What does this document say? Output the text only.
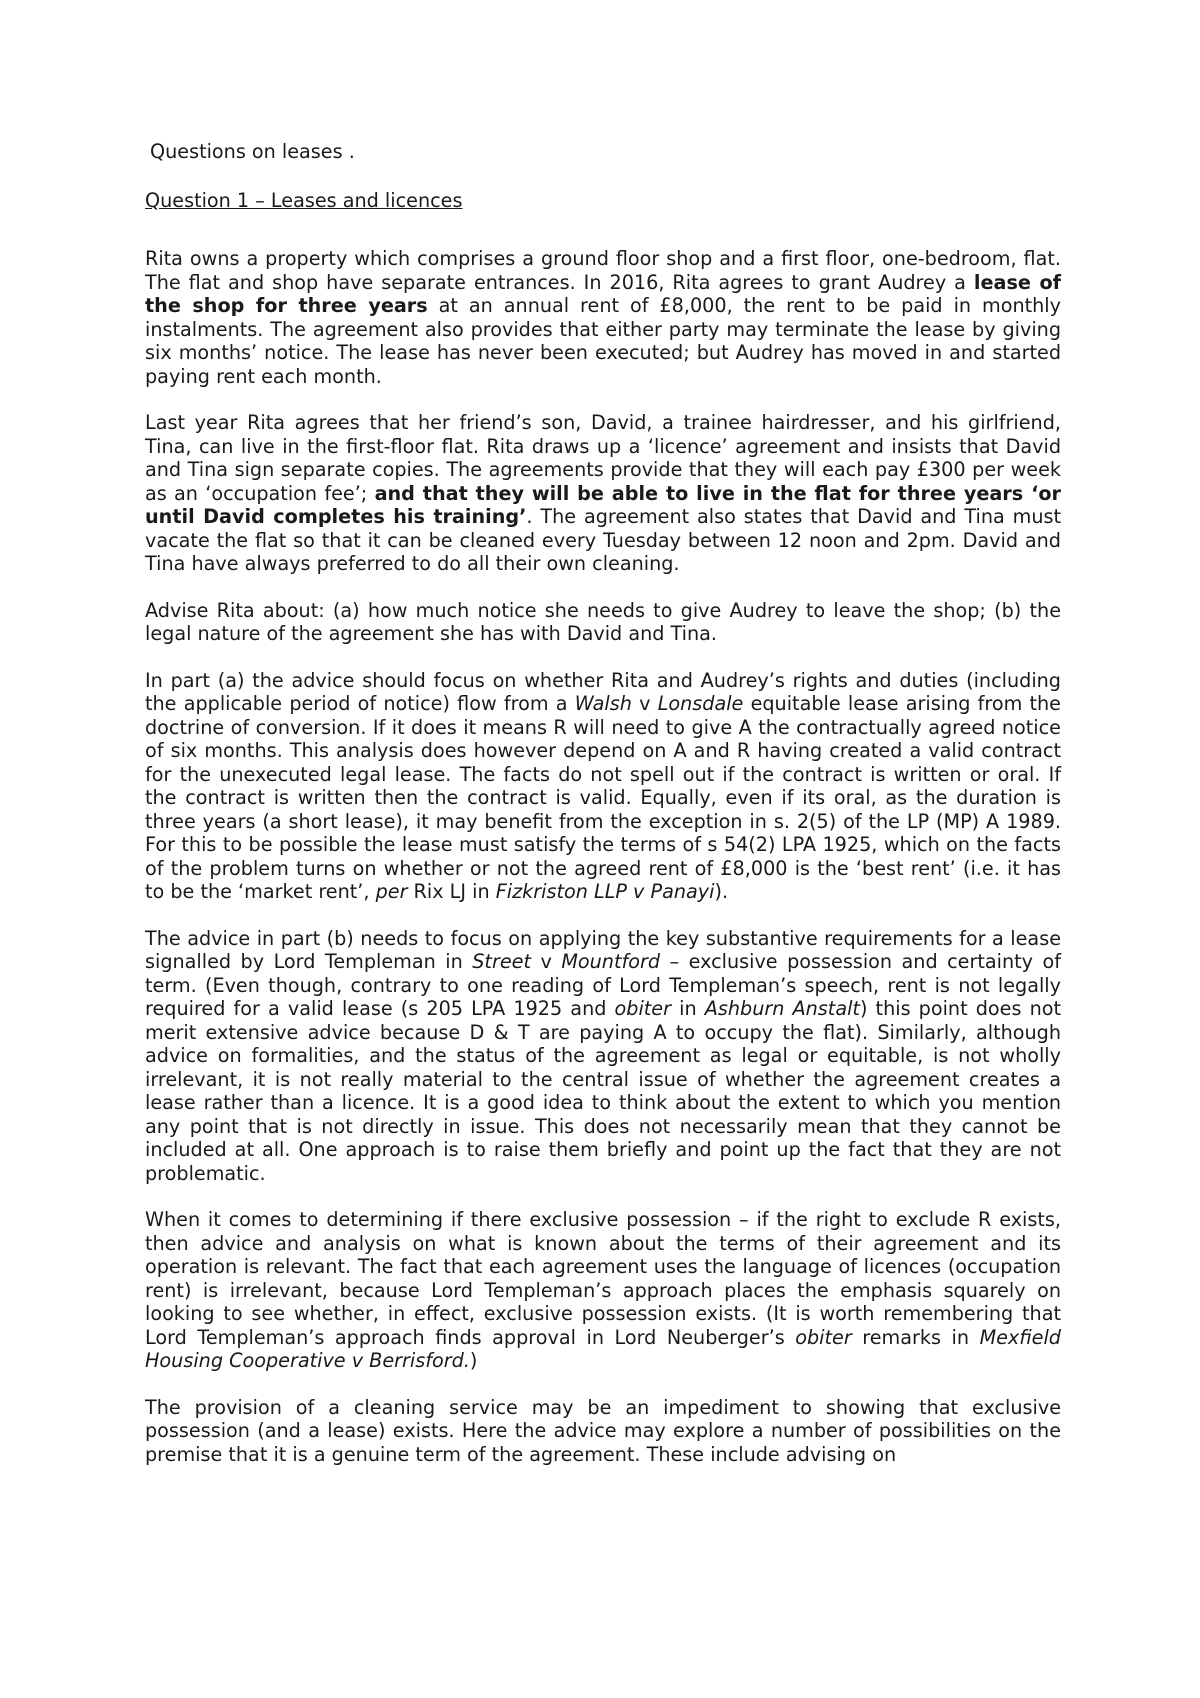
Questions on leases .

Question 1 – Leases and licences

Rita owns a property which comprises a ground floor shop and a first floor, one-bedroom, flat. The flat and shop have separate entrances. In 2016, Rita agrees to grant Audrey a lease of the shop for three years at an annual rent of £8,000, the rent to be paid in monthly instalments. The agreement also provides that either party may terminate the lease by giving six months’ notice. The lease has never been executed; but Audrey has moved in and started paying rent each month.

Last year Rita agrees that her friend’s son, David, a trainee hairdresser, and his girlfriend, Tina, can live in the first-floor flat. Rita draws up a ‘licence’ agreement and insists that David and Tina sign separate copies. The agreements provide that they will each pay £300 per week as an ‘occupation fee’; and that they will be able to live in the flat for three years ‘or until David completes his training’. The agreement also states that David and Tina must vacate the flat so that it can be cleaned every Tuesday between 12 noon and 2pm. David and Tina have always preferred to do all their own cleaning.

Advise Rita about: (a) how much notice she needs to give Audrey to leave the shop; (b) the legal nature of the agreement she has with David and Tina.

In part (a) the advice should focus on whether Rita and Audrey’s rights and duties (including the applicable period of notice) flow from a Walsh v Lonsdale equitable lease arising from the doctrine of conversion. If it does it means R will need to give A the contractually agreed notice of six months. This analysis does however depend on A and R having created a valid contract for the unexecuted legal lease. The facts do not spell out if the contract is written or oral. If the contract is written then the contract is valid. Equally, even if its oral, as the duration is three years (a short lease), it may benefit from the exception in s. 2(5) of the LP (MP) A 1989. For this to be possible the lease must satisfy the terms of s 54(2) LPA 1925, which on the facts of the problem turns on whether or not the agreed rent of £8,000 is the ‘best rent’ (i.e. it has to be the ‘market rent’, per Rix LJ in Fizkriston LLP v Panayi).

The advice in part (b) needs to focus on applying the key substantive requirements for a lease signalled by Lord Templeman in Street v Mountford – exclusive possession and certainty of term. (Even though, contrary to one reading of Lord Templeman’s speech, rent is not legally required for a valid lease (s 205 LPA 1925 and obiter in Ashburn Anstalt) this point does not merit extensive advice because D & T are paying A to occupy the flat). Similarly, although advice on formalities, and the status of the agreement as legal or equitable, is not wholly irrelevant, it is not really material to the central issue of whether the agreement creates a lease rather than a licence. It is a good idea to think about the extent to which you mention any point that is not directly in issue. This does not necessarily mean that they cannot be included at all. One approach is to raise them briefly and point up the fact that they are not problematic.

When it comes to determining if there exclusive possession – if the right to exclude R exists, then advice and analysis on what is known about the terms of their agreement and its operation is relevant. The fact that each agreement uses the language of licences (occupation rent) is irrelevant, because Lord Templeman’s approach places the emphasis squarely on looking to see whether, in effect, exclusive possession exists. (It is worth remembering that Lord Templeman’s approach finds approval in Lord Neuberger’s obiter remarks in Mexfield Housing Cooperative v Berrisford.)

The provision of a cleaning service may be an impediment to showing that exclusive possession (and a lease) exists. Here the advice may explore a number of possibilities on the premise that it is a genuine term of the agreement. These include advising on
